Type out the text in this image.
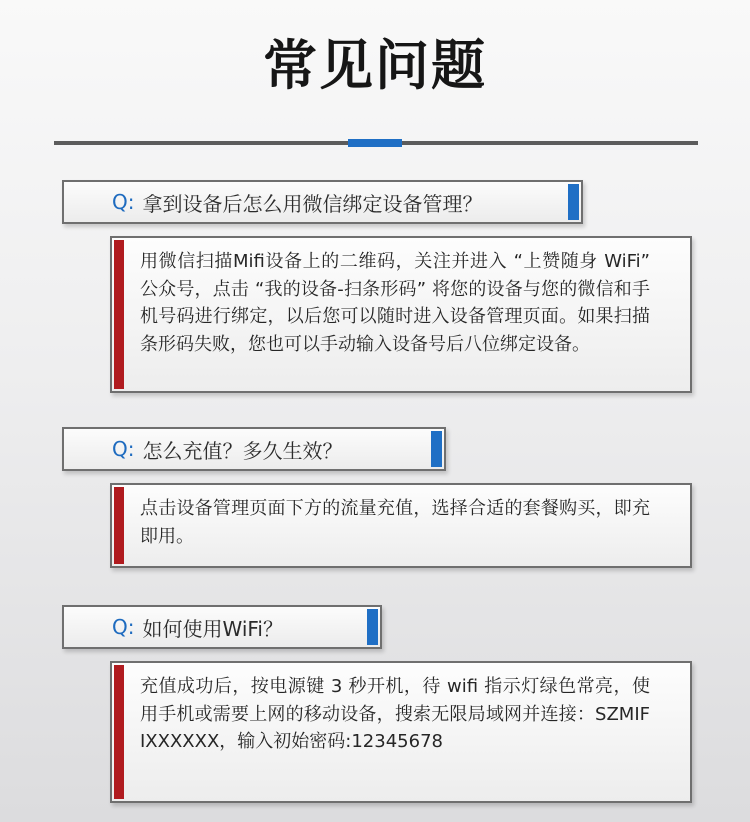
常见问题
Q: 拿到设备后怎么用微信绑定设备管理？
用微信扫描Mifi设备上的二维码，关注并进入 “上赞随身 WiFi” 公众号，点击 “我的设备-扫条形码” 将您的设备与您的微信和手机号码进行绑定，以后您可以随时进入设备管理页面。如果扫描条形码失败，您也可以手动输入设备号后八位绑定设备。
Q: 怎么充值？多久生效？
点击设备管理页面下方的流量充值，选择合适的套餐购买，即充即用。
Q: 如何使用WiFi？
充值成功后，按电源键 3 秒开机，待 wifi 指示灯绿色常亮，使用手机或需要上网的移动设备，搜索无限局域网并连接：SZMIFIXXXXXX，输入初始密码:12345678
